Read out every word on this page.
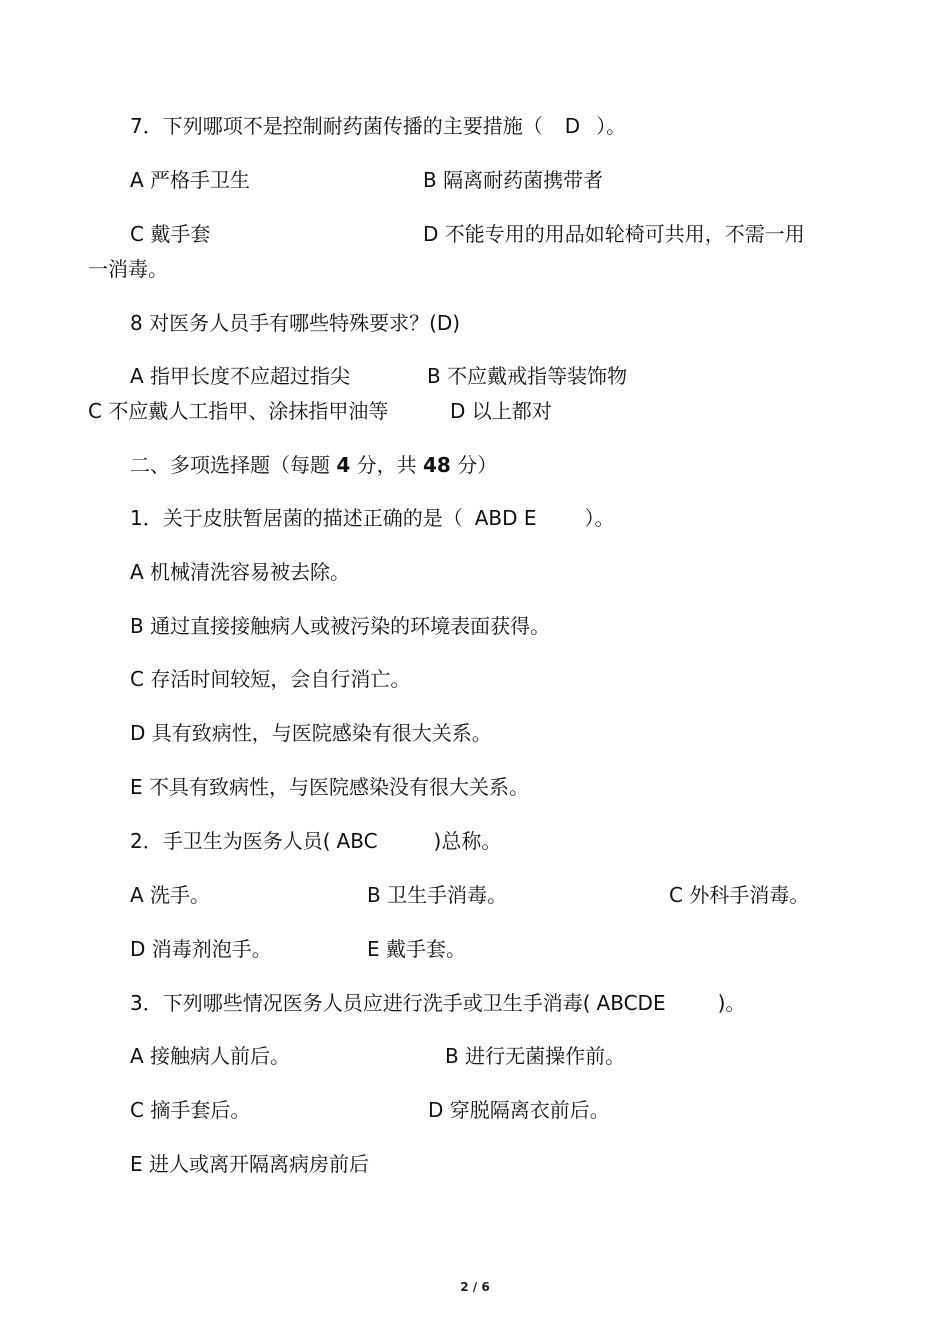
7．下列哪项不是控制耐药菌传播的主要措施（ D ）。
A 严格手卫生	B 隔离耐药菌携带者
C 戴手套	D 不能专用的用品如轮椅可共用，不需一用
一消毒。
8 对医务人员手有哪些特殊要求？(D)
A 指甲长度不应超过指尖	B 不应戴戒指等装饰物
C 不应戴人工指甲、涂抹指甲油等	D 以上都对
二、多项选择题（每题 4 分，共 48 分）
1．关于皮肤暂居菌的描述正确的是（ ABD E ）。
A 机械清洗容易被去除。
B 通过直接接触病人或被污染的环境表面获得。
C 存活时间较短，会自行消亡。
D 具有致病性，与医院感染有很大关系。
E 不具有致病性，与医院感染没有很大关系。
2．手卫生为医务人员( ABC	)总称。
A 洗手。	B 卫生手消毒。	C 外科手消毒。
D 消毒剂泡手。	E 戴手套。
3．下列哪些情况医务人员应进行洗手或卫生手消毒( ABCDE	)。
A 接触病人前后。	B 进行无菌操作前。
C 摘手套后。	D 穿脱隔离衣前后。
E 进人或离开隔离病房前后
2 / 6
